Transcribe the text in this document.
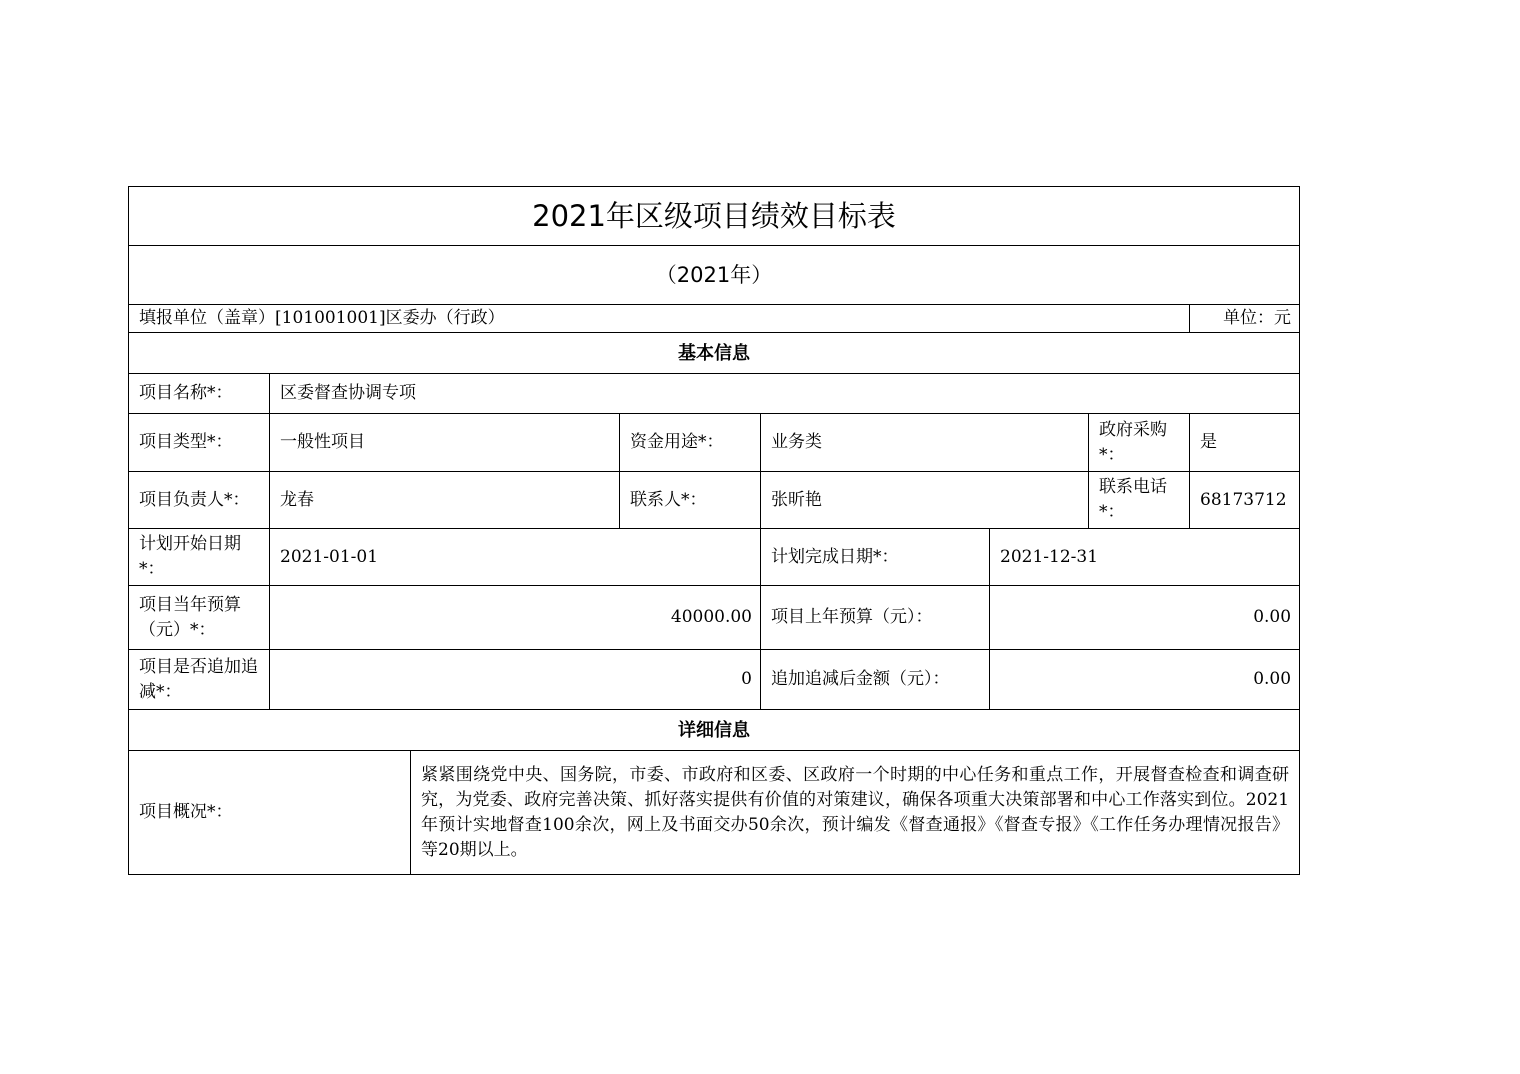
2021年区级项目绩效目标表							
（2021年）							
填报单位（盖章）[101001001]区委办（行政）							单位：元
基本信息							
项目名称*：	区委督查协调专项						
项目类型*：	一般性项目		资金用途*：	业务类		政府采购*：	是
项目负责人*：	龙春		联系人*：	张昕艳		联系电话*：	68173712
计划开始日期*：	2021-01-01			计划完成日期*：	2021-12-31		
项目当年预算（元）*：	40000.00			项目上年预算（元）：	0.00		
项目是否追加追减*：	0			追加追减后金额（元）：	0.00		
详细信息							
项目概况*：		紧紧围绕党中央、国务院，市委、市政府和区委、区政府一个时期的中心任务和重点工作，开展督查检查和调查研究，为党委、政府完善决策、抓好落实提供有价值的对策建议，确保各项重大决策部署和中心工作落实到位。2021年预计实地督查100余次，网上及书面交办50余次，预计编发《督查通报》《督查专报》《工作任务办理情况报告》等20期以上。					
